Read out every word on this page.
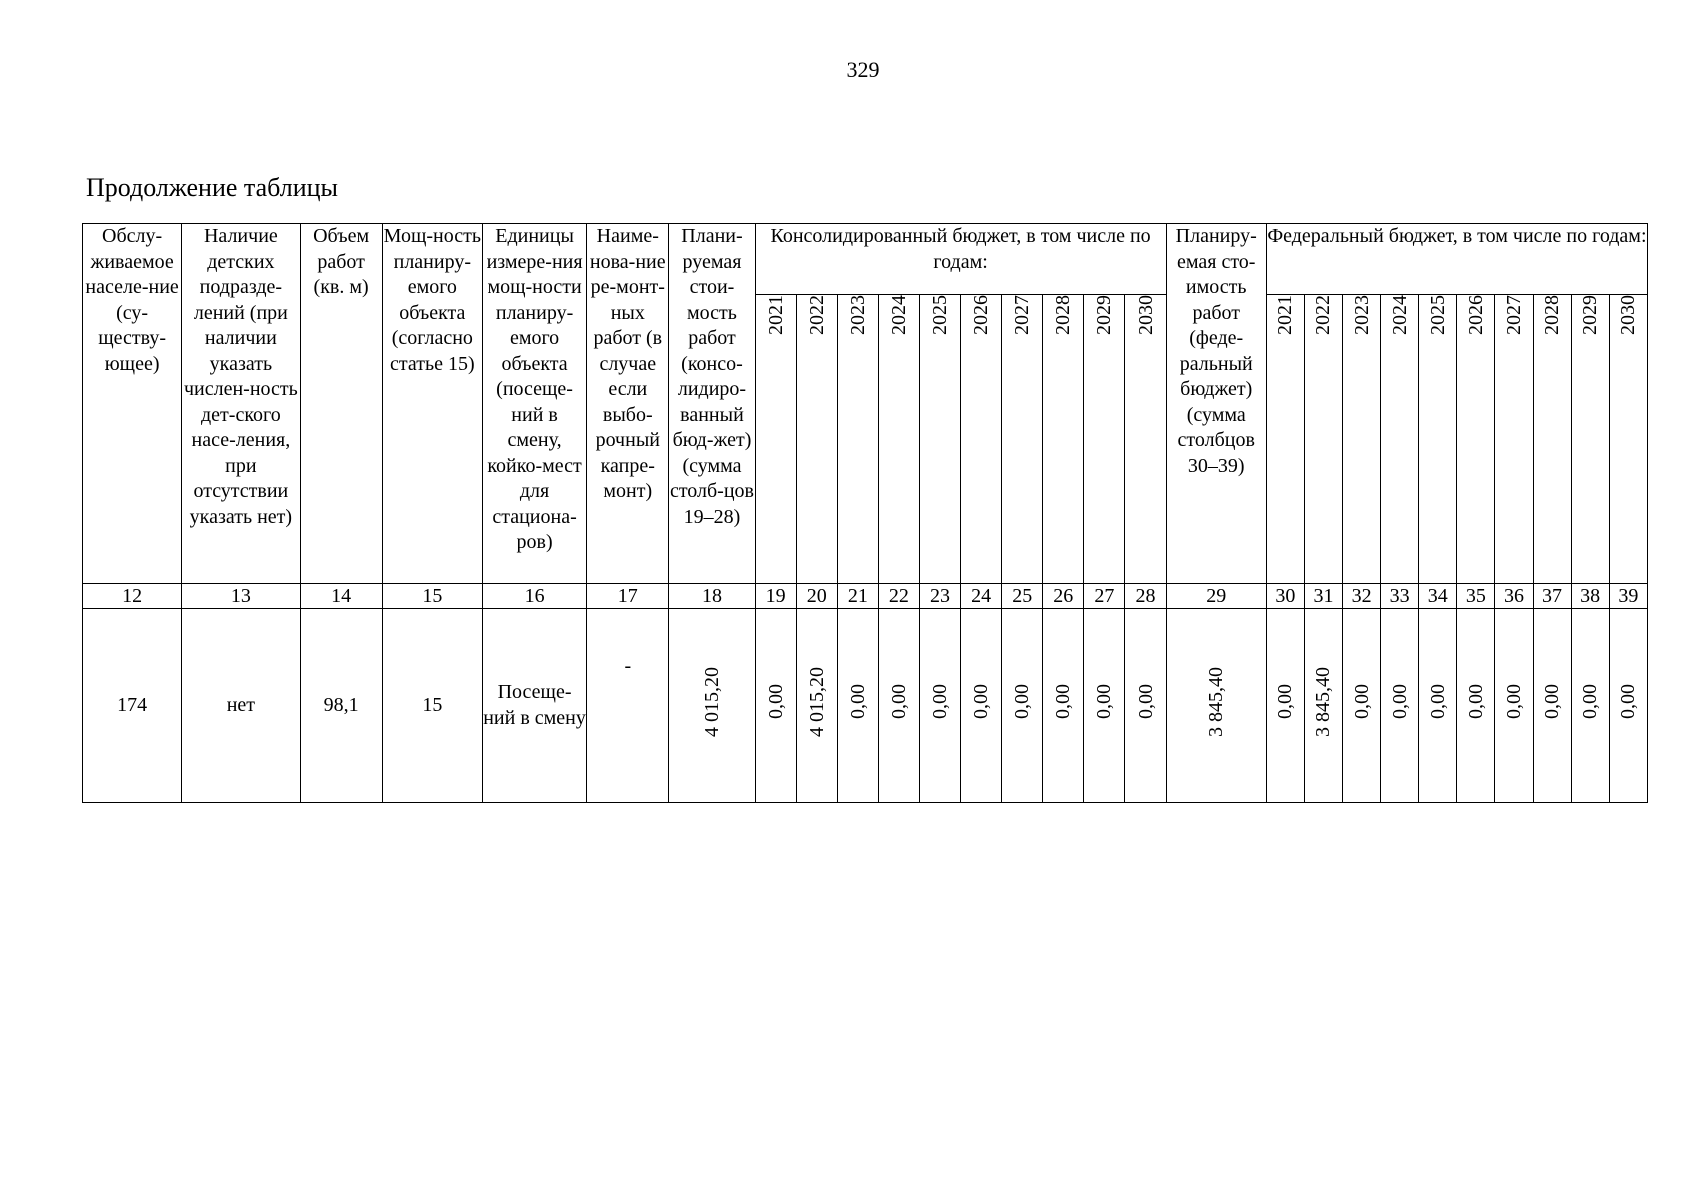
329
Продолжение таблицы
Обслу-живаемое населе-ние (су-ществу-ющее)	Наличие детских подразде-лений (при наличии указать числен-ность дет-ского насе-ления, при отсутствии указать нет)	Объем работ (кв. м)	Мощ-ность планиру-емого объекта (согласно статье 15)	Единицы измере-ния мощ-ности планиру-емого объекта (посеще-ний в смену, койко-мест для стациона-ров)	Наиме-нова-ние ре-монт-ных работ (в случае если выбо-рочный капре-монт)	Плани-руемая стои-мость работ (консо-лидиро-ванный бюд-жет) (сумма столб-цов 19–28)	Консолидированный бюджет, в том числе по годам:										Планиру-емая сто-имость работ (феде-ральный бюджет) (сумма столбцов 30–39)	Федеральный бюджет, в том числе по годам:									
							2021	2022	2023	2024	2025	2026	2027	2028	2029	2030		2021	2022	2023	2024	2025	2026	2027	2028	2029	2030
12	13	14	15	16	17	18	19	20	21	22	23	24	25	26	27	28	29	30	31	32	33	34	35	36	37	38	39
174	нет	98,1	15	Посеще-ний в смену	-	4 015,20	0,00	4 015,20	0,00	0,00	0,00	0,00	0,00	0,00	0,00	0,00	3 845,40	0,00	3 845,40	0,00	0,00	0,00	0,00	0,00	0,00	0,00	0,00
